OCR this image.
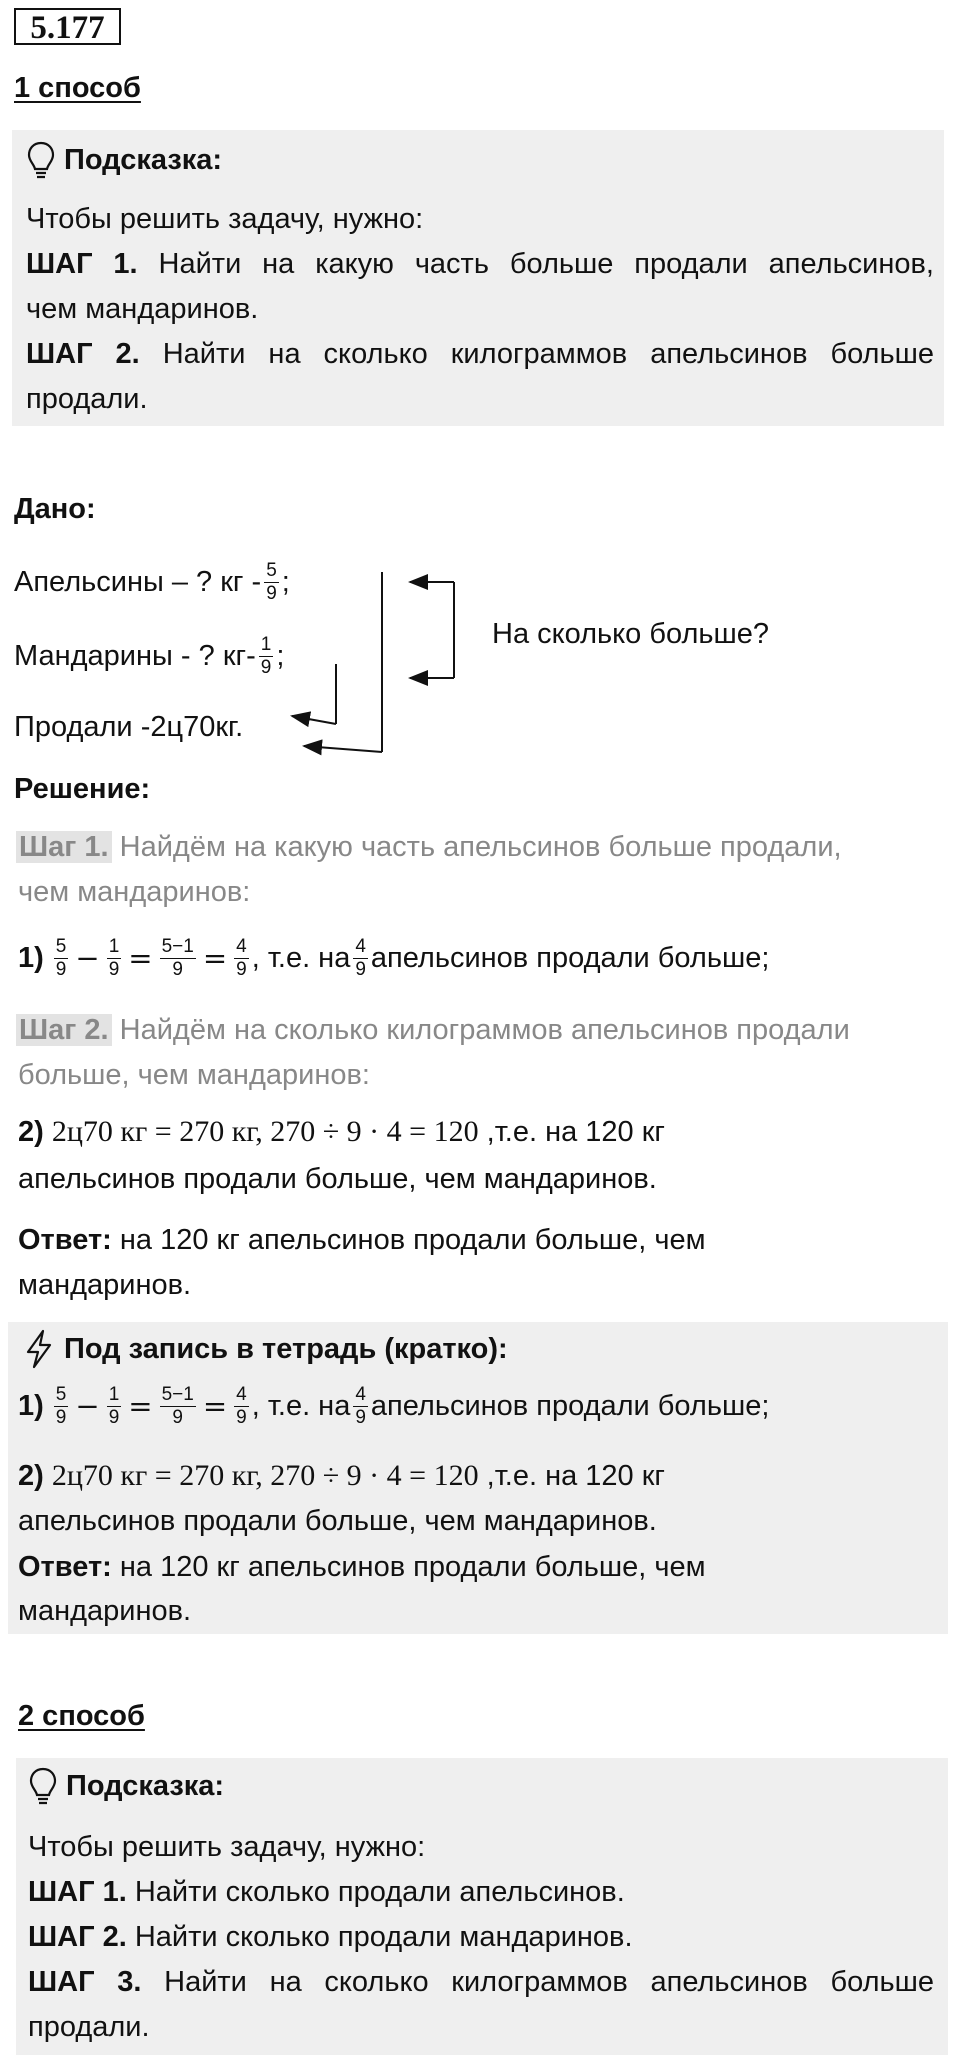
5.177
1 способ
Подсказка:
Чтобы решить задачу, нужно:
ШАГ 1. Найти на какую часть больше продали апельсинов,
чем мандаринов.
ШАГ 2. Найти на сколько килограммов апельсинов больше
продали.
Дано:
Апельсины – ? кг - $\frac{5}{9}$ ;
Мандарины - ? $кг- \frac{1}{9}$ ;
Продали -2ц70кг.
На сколько больше?
Решение:
Шаг 1. Найдём на какую часть апельсинов больше продали,
чем мандаринов:
$1) \frac{5}{9} - \frac{1}{9} = \frac{5-1}{9} = \frac{4}{9}$ , т.е. на $\frac{4}{9}$ апельсинов продали больше;
Шаг 2. Найдём на сколько килограммов апельсинов продали
больше, чем мандаринов:
2) 2ц70 кг = 270 кг, 270 ÷ 9 · 4 = 120 ,т.е. на 120 кг
апельсинов продали больше, чем мандаринов.
Ответ: на 120 кг апельсинов продали больше, чем
мандаринов.
Под запись в тетрадь (кратко):
$1) \frac{5}{9} - \frac{1}{9} = \frac{5-1}{9} = \frac{4}{9}$ , т.е. на $\frac{4}{9}$ апельсинов продали больше;
2) 2ц70 кг = 270 кг, 270 ÷ 9 · 4 = 120 ,т.е. на 120 кг
апельсинов продали больше, чем мандаринов.
Ответ: на 120 кг апельсинов продали больше, чем
мандаринов.
2 способ
Подсказка:
Чтобы решить задачу, нужно:
ШАГ 1. Найти сколько продали апельсинов.
ШАГ 2. Найти сколько продали мандаринов.
ШАГ 3. Найти на сколько килограммов апельсинов больше
продали.
